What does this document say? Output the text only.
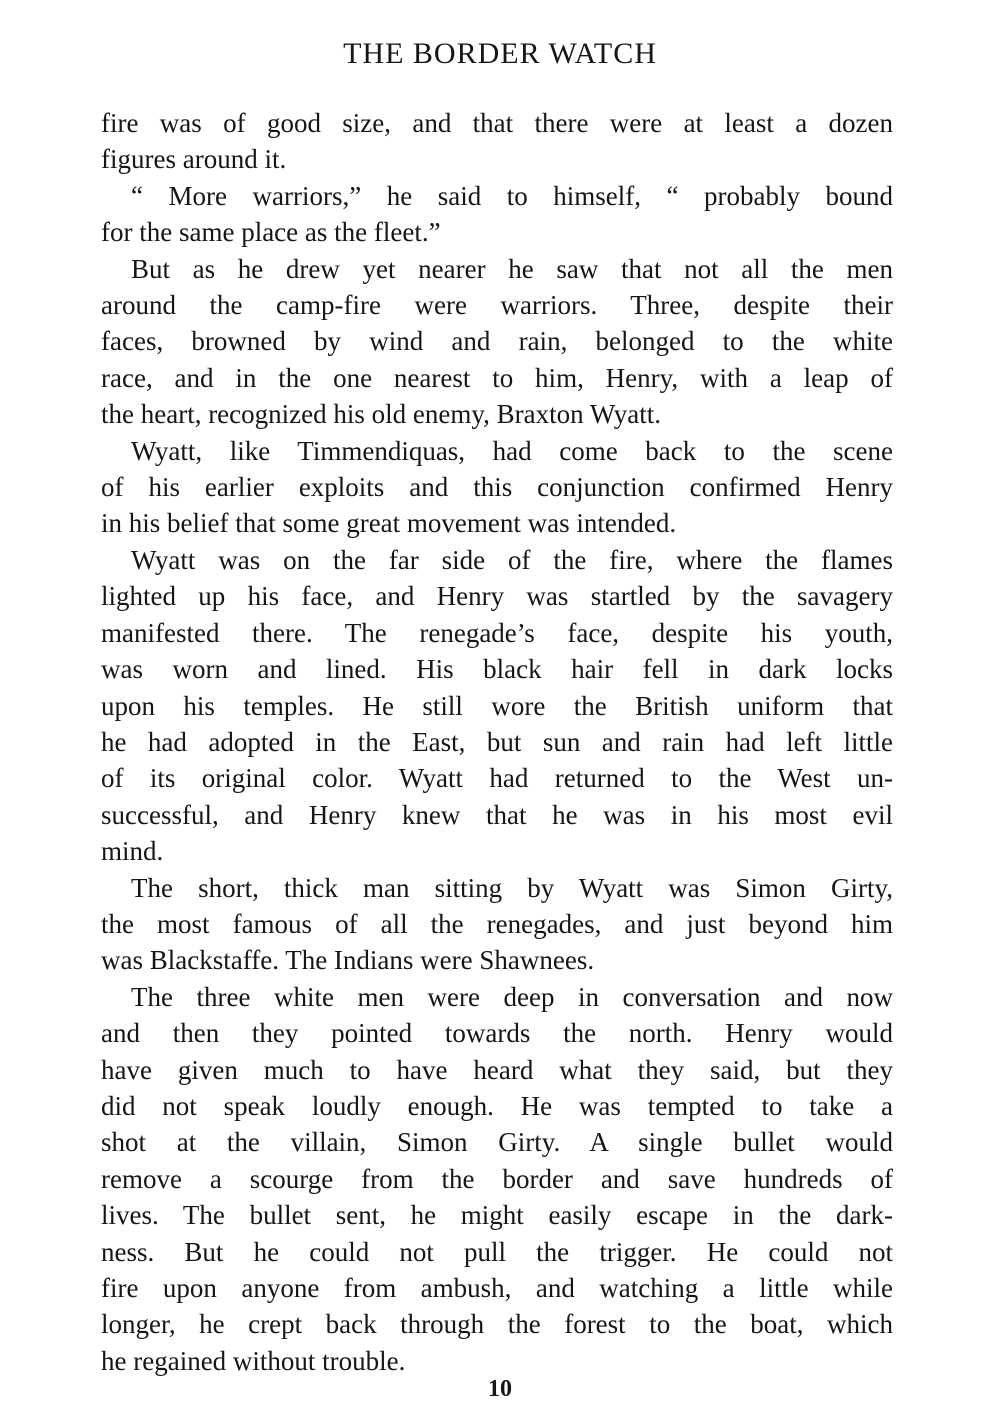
THE BORDER WATCH
fire was of good size, and that there were at least a dozen
figures around it.
“ More warriors,” he said to himself, “ probably bound
for the same place as the fleet.”
But as he drew yet nearer he saw that not all the men
around the camp-fire were warriors. Three, despite their
faces, browned by wind and rain, belonged to the white
race, and in the one nearest to him, Henry, with a leap of
the heart, recognized his old enemy, Braxton Wyatt.
Wyatt, like Timmendiquas, had come back to the scene
of his earlier exploits and this conjunction confirmed Henry
in his belief that some great movement was intended.
Wyatt was on the far side of the fire, where the flames
lighted up his face, and Henry was startled by the savagery
manifested there. The renegade’s face, despite his youth,
was worn and lined. His black hair fell in dark locks
upon his temples. He still wore the British uniform that
he had adopted in the East, but sun and rain had left little
of its original color. Wyatt had returned to the West un-
successful, and Henry knew that he was in his most evil
mind.
The short, thick man sitting by Wyatt was Simon Girty,
the most famous of all the renegades, and just beyond him
was Blackstaffe. The Indians were Shawnees.
The three white men were deep in conversation and now
and then they pointed towards the north. Henry would
have given much to have heard what they said, but they
did not speak loudly enough. He was tempted to take a
shot at the villain, Simon Girty. A single bullet would
remove a scourge from the border and save hundreds of
lives. The bullet sent, he might easily escape in the dark-
ness. But he could not pull the trigger. He could not
fire upon anyone from ambush, and watching a little while
longer, he crept back through the forest to the boat, which
he regained without trouble.
10
